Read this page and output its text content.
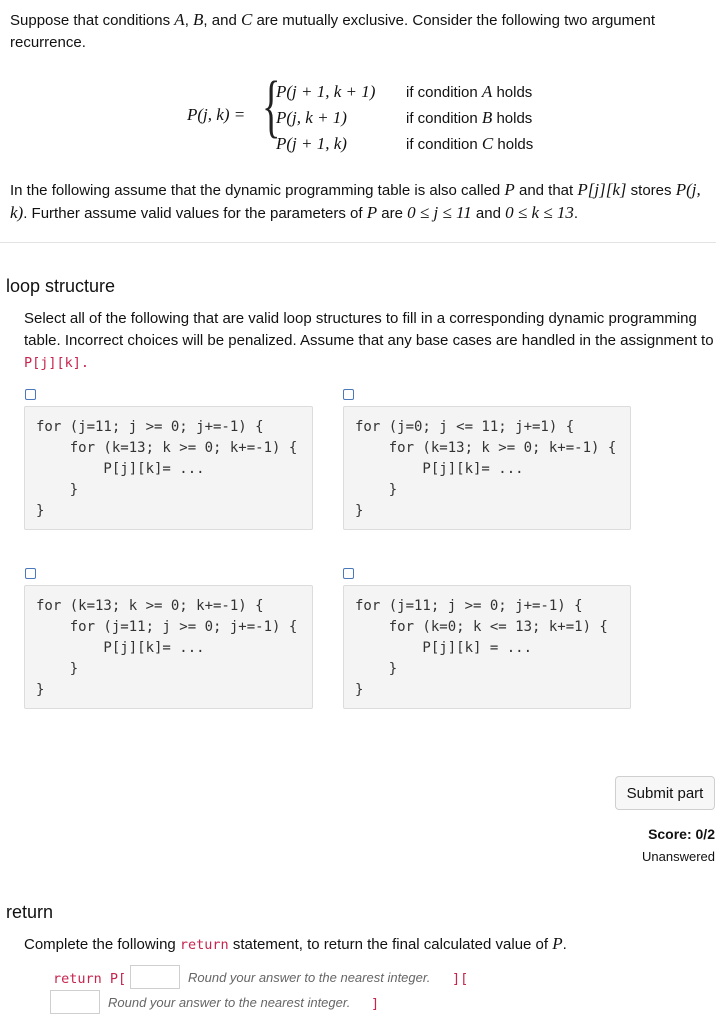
Suppose that conditions A, B, and C are mutually exclusive. Consider the following two argument recurrence.

P(j, k) = {
P(j + 1, k + 1)
P(j, k + 1)
P(j + 1, k)
if condition A holds
if condition B holds
if condition C holds

In the following assume that the dynamic programming table is also called P and that P[j][k] stores P(j, k). Further assume valid values for the parameters of P are 0 ≤ j ≤ 11 and 0 ≤ k ≤ 13.

loop structure

Select all of the following that are valid loop structures to fill in a corresponding dynamic programming table. Incorrect choices will be penalized. Assume that any base cases are handled in the assignment to P[j][k].

for (j=11; j >= 0; j+=-1) {
for (k=13; k >= 0; k+=-1) {
P[j][k]= ...
}
}
for (j=0; j <= 11; j+=1) {
for (k=13; k >= 0; k+=-1) {
P[j][k]= ...
}
}
for (k=13; k >= 0; k+=-1) {
for (j=11; j >= 0; j+=-1) {
P[j][k]= ...
}
}
for (j=11; j >= 0; j+=-1) {
for (k=0; k <= 13; k+=1) {
P[j][k] = ...
}
}
Submit part
Score: 0/2
Unanswered
return

Complete the following return statement, to return the final calculated value of P.

return P[	Round your answer to the nearest integer. ][
Round your answer to the nearest integer. ]
